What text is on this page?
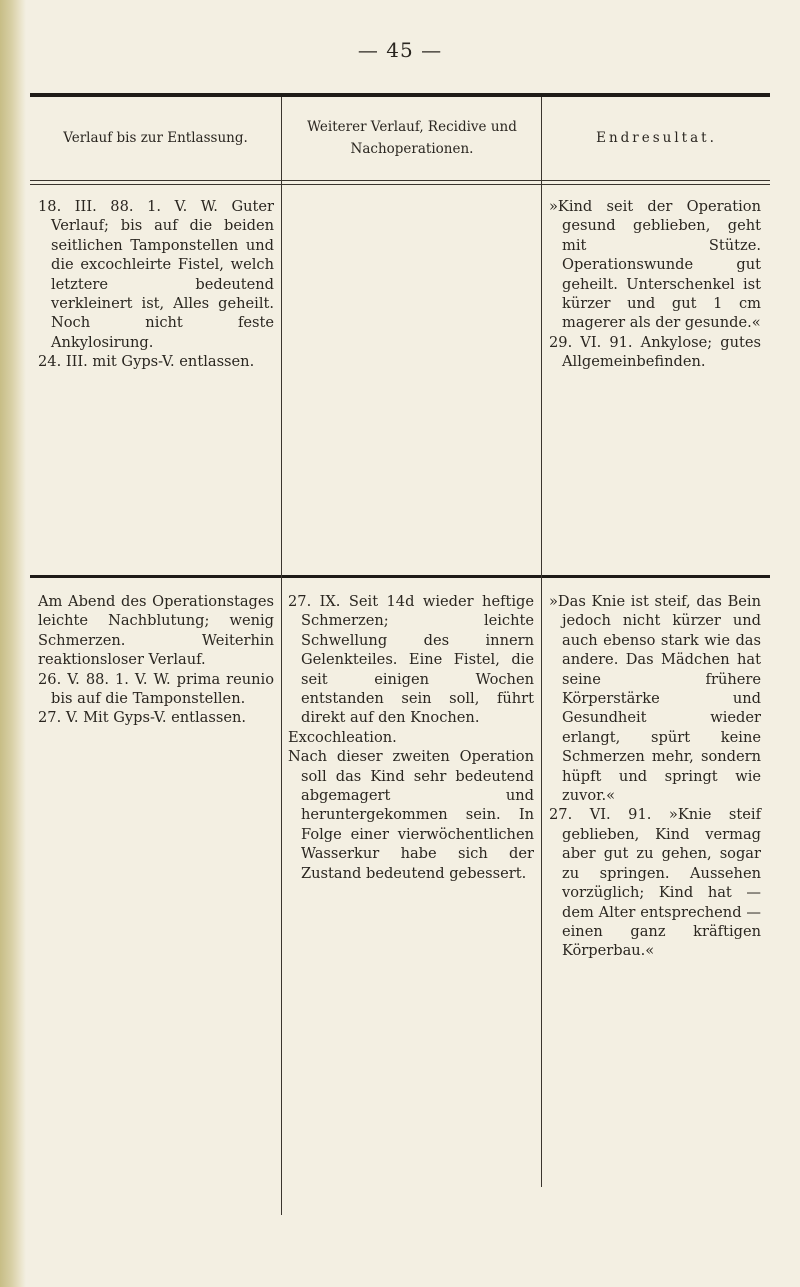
— 45 —
Verlauf bis zur Entlassung.
Weiterer Verlauf, Recidive und
Nachoperationen.
Endresultat.

18. III. 88. 1. V. W. Guter Verlauf; bis auf die beiden seitlichen Tamponstellen und die excochleirte Fistel, welch letztere bedeutend verkleinert ist, Alles geheilt. Noch nicht feste Ankylosirung.

24. III. mit Gyps-V. entlassen.

»Kind seit der Operation gesund geblieben, geht mit Stütze. Operationswunde gut geheilt. Unterschenkel ist kürzer und gut 1 cm magerer als der gesunde.«

29. VI. 91. Ankylose; gutes Allgemeinbefinden.

Am Abend des Operationstages leichte Nachblutung; wenig Schmerzen. Weiterhin reaktionsloser Verlauf.

26. V. 88. 1. V. W. prima reunio bis auf die Tamponstellen.

27. V. Mit Gyps-V. entlassen.

27. IX. Seit 14d wieder heftige Schmerzen; leichte Schwellung des innern Gelenkteiles. Eine Fistel, die seit einigen Wochen entstanden sein soll, führt direkt auf den Knochen.

Excochleation.

Nach dieser zweiten Operation soll das Kind sehr bedeutend abgemagert und heruntergekommen sein. In Folge einer vierwöchentlichen Wasserkur habe sich der Zustand bedeutend gebessert.

»Das Knie ist steif, das Bein jedoch nicht kürzer und auch ebenso stark wie das andere. Das Mädchen hat seine frühere Körperstärke und Gesundheit wieder erlangt, spürt keine Schmerzen mehr, sondern hüpft und springt wie zuvor.«

27. VI. 91. »Knie steif geblieben, Kind vermag aber gut zu gehen, sogar zu springen. Aussehen vorzüglich; Kind hat — dem Alter entsprechend — einen ganz kräftigen Körperbau.«
